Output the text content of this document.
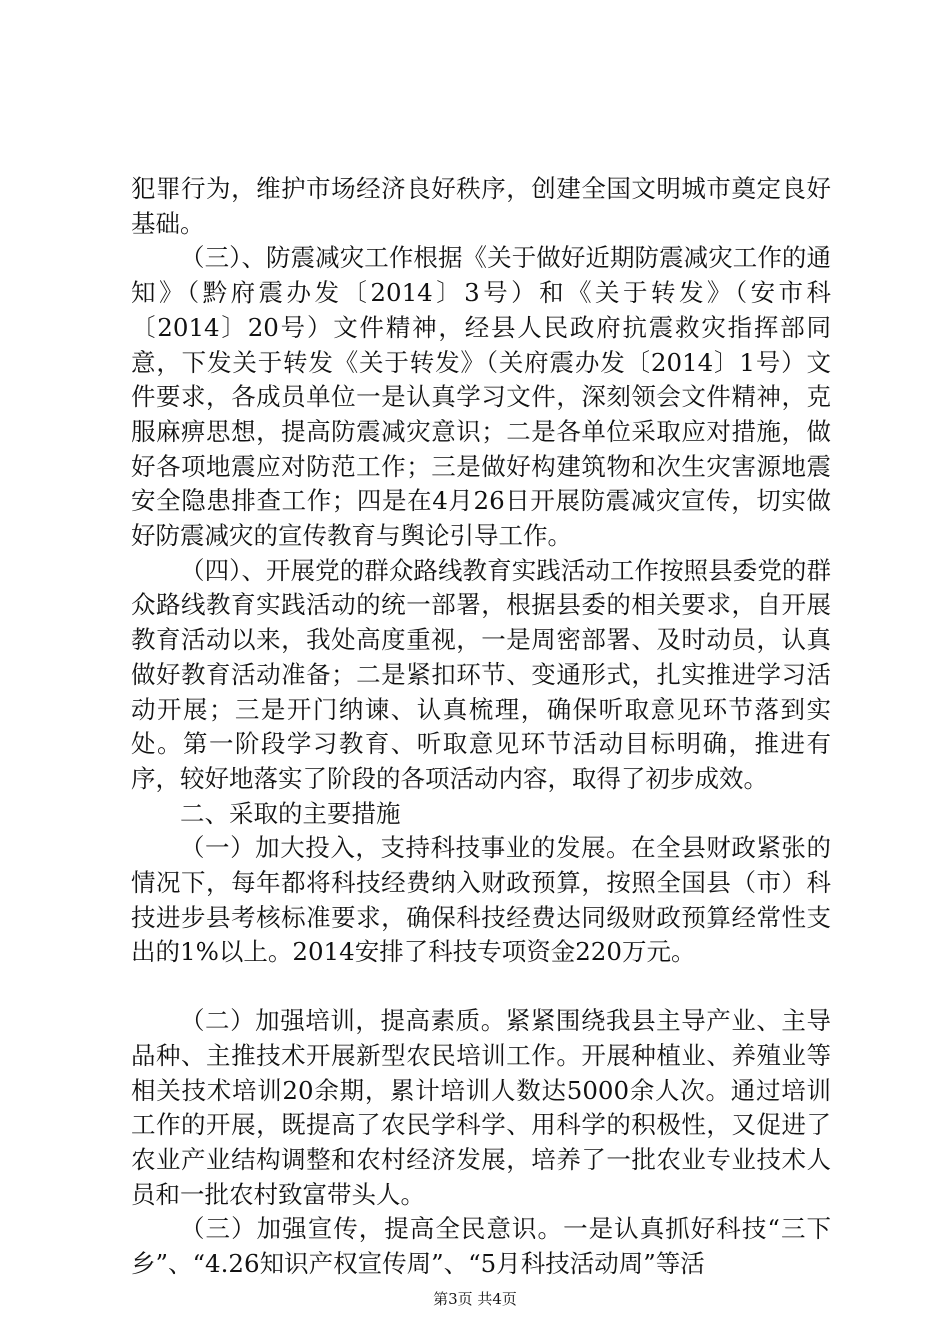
犯罪行为，维护市场经济良好秩序，创建全国文明城市奠定良好基础。

（三）、防震减灾工作根据《关于做好近期防震减灾工作的通知》（黔府震办发〔2014〕3号）和《关于转发》（安市科〔2014〕20号）文件精神，经县人民政府抗震救灾指挥部同意，下发关于转发《关于转发》（关府震办发〔2014〕1号）文件要求，各成员单位一是认真学习文件，深刻领会文件精神，克服麻痹思想，提高防震减灾意识；二是各单位采取应对措施，做好各项地震应对防范工作；三是做好构建筑物和次生灾害源地震安全隐患排查工作；四是在4月26日开展防震减灾宣传，切实做好防震减灾的宣传教育与舆论引导工作。

（四）、开展党的群众路线教育实践活动工作按照县委党的群众路线教育实践活动的统一部署，根据县委的相关要求，自开展教育活动以来，我处高度重视，一是周密部署、及时动员，认真做好教育活动准备；二是紧扣环节、变通形式，扎实推进学习活动开展；三是开门纳谏、认真梳理，确保听取意见环节落到实处。第一阶段学习教育、听取意见环节活动目标明确，推进有序，较好地落实了阶段的各项活动内容，取得了初步成效。

二、采取的主要措施

（一）加大投入，支持科技事业的发展。在全县财政紧张的情况下，每年都将科技经费纳入财政预算，按照全国县（市）科技进步县考核标准要求，确保科技经费达同级财政预算经常性支出的1%以上。2014安排了科技专项资金220万元。

（二）加强培训，提高素质。紧紧围绕我县主导产业、主导品种、主推技术开展新型农民培训工作。开展种植业、养殖业等相关技术培训20余期，累计培训人数达5000余人次。通过培训工作的开展，既提高了农民学科学、用科学的积极性，又促进了农业产业结构调整和农村经济发展，培养了一批农业专业技术人员和一批农村致富带头人。

（三）加强宣传，提高全民意识。一是认真抓好科技“三下乡”、“4.26知识产权宣传周”、“5月科技活动周”等活

第3页 共4页
